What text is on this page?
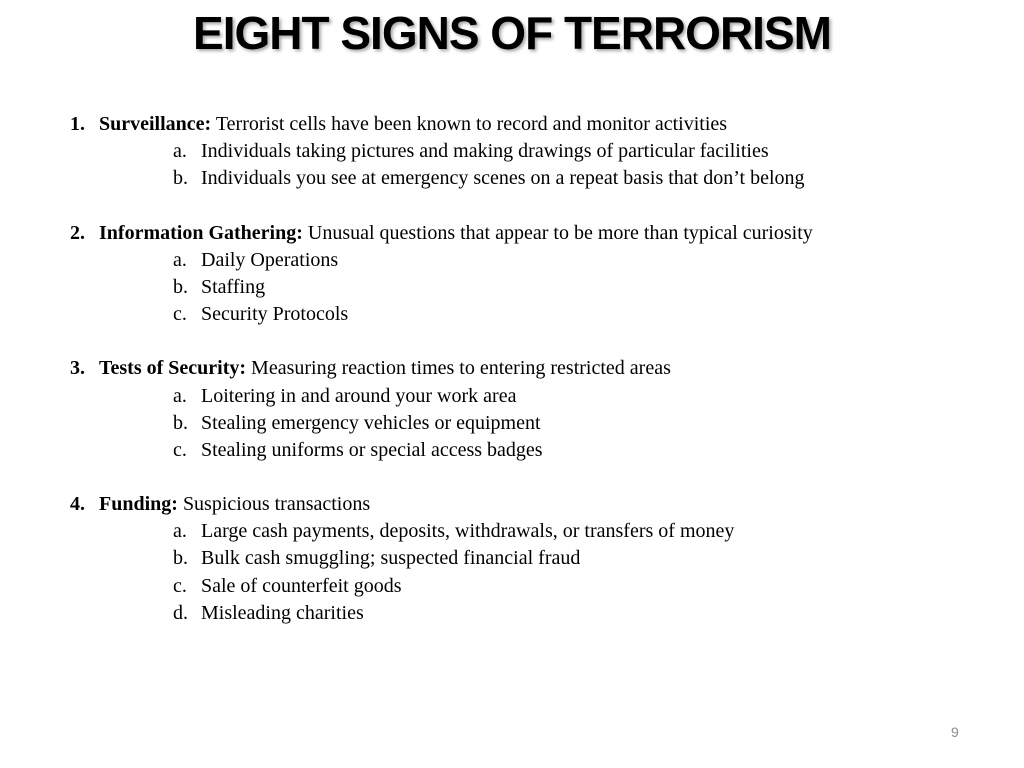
EIGHT SIGNS OF TERRORISM
1. Surveillance: Terrorist cells have been known to record and monitor activities
a. Individuals taking pictures and making drawings of particular facilities
b. Individuals you see at emergency scenes on a repeat basis that don’t belong
2. Information Gathering: Unusual questions that appear to be more than typical curiosity
a. Daily Operations
b. Staffing
c. Security Protocols
3. Tests of Security: Measuring reaction times to entering restricted areas
a. Loitering in and around your work area
b. Stealing emergency vehicles or equipment
c. Stealing uniforms or special access badges
4. Funding: Suspicious transactions
a. Large cash payments, deposits, withdrawals, or transfers of money
b. Bulk cash smuggling; suspected financial fraud
c. Sale of counterfeit goods
d. Misleading charities
9
